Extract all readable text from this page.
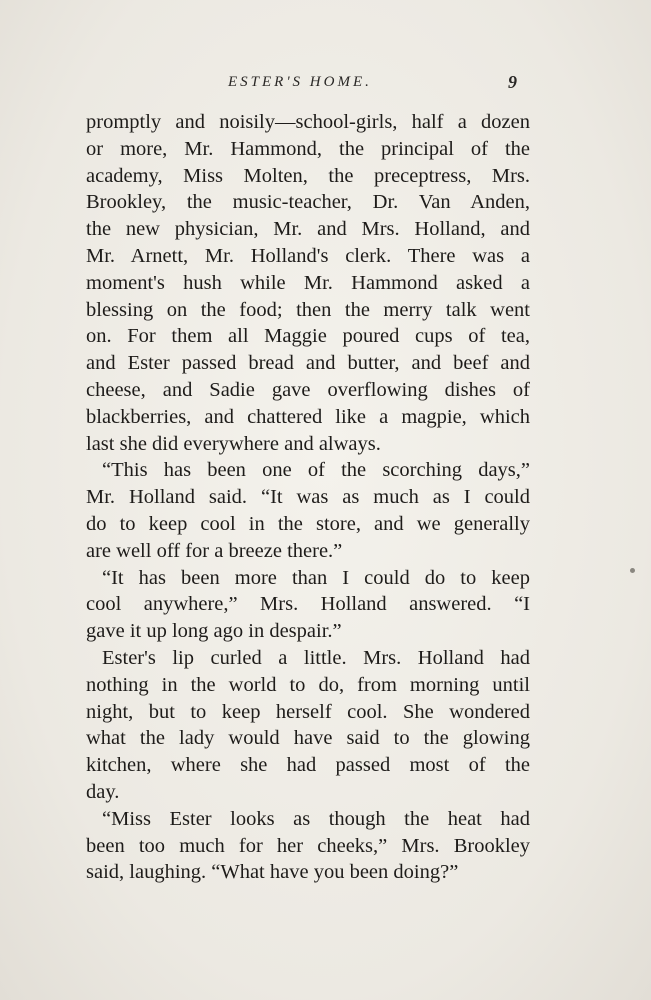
ESTER'S HOME.	9
promptly and noisily—school-girls, half a dozen
or more, Mr. Hammond, the principal of the
academy, Miss Molten, the preceptress, Mrs.
Brookley, the music-teacher, Dr. Van Anden,
the new physician, Mr. and Mrs. Holland, and
Mr. Arnett, Mr. Holland's clerk. There was a
moment's hush while Mr. Hammond asked a
blessing on the food; then the merry talk went
on. For them all Maggie poured cups of tea,
and Ester passed bread and butter, and beef and
cheese, and Sadie gave overflowing dishes of
blackberries, and chattered like a magpie, which
last she did everywhere and always.
“This has been one of the scorching days,”
Mr. Holland said. “It was as much as I could
do to keep cool in the store, and we generally
are well off for a breeze there.”
“It has been more than I could do to keep
cool anywhere,” Mrs. Holland answered. “I
gave it up long ago in despair.”
Ester's lip curled a little. Mrs. Holland had
nothing in the world to do, from morning until
night, but to keep herself cool. She wondered
what the lady would have said to the glowing
kitchen, where she had passed most of the
day.
“Miss Ester looks as though the heat had
been too much for her cheeks,” Mrs. Brookley
said, laughing. “What have you been doing?”
